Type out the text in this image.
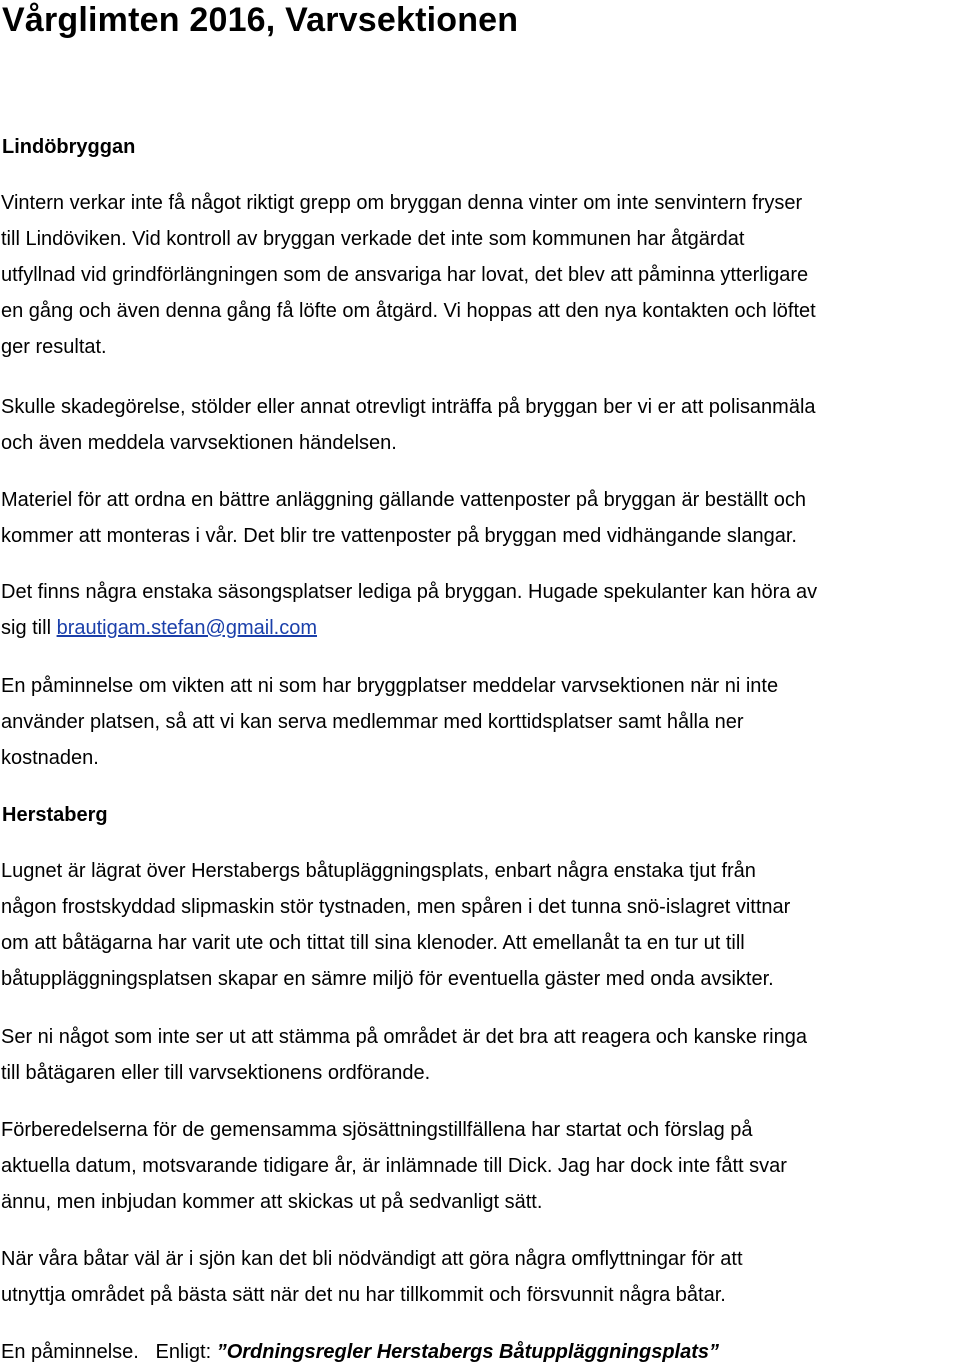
Vårglimten 2016, Varvsektionen
Lindöbryggan

Vintern verkar inte få något riktigt grepp om bryggan denna vinter om inte senvintern fryser
till Lindöviken. Vid kontroll av bryggan verkade det inte som kommunen har åtgärdat
utfyllnad vid grindförlängningen som de ansvariga har lovat, det blev att påminna ytterligare
en gång och även denna gång få löfte om åtgärd. Vi hoppas att den nya kontakten och löftet
ger resultat.

Skulle skadegörelse, stölder eller annat otrevligt inträffa på bryggan ber vi er att polisanmäla
och även meddela varvsektionen händelsen.

Materiel för att ordna en bättre anläggning gällande vattenposter på bryggan är beställt och
kommer att monteras i vår. Det blir tre vattenposter på bryggan med vidhängande slangar.

Det finns några enstaka säsongsplatser lediga på bryggan. Hugade spekulanter kan höra av
sig till brautigam.stefan@gmail.com

En påminnelse om vikten att ni som har bryggplatser meddelar varvsektionen när ni inte
använder platsen, så att vi kan serva medlemmar med korttidsplatser samt hålla ner
kostnaden.

Herstaberg

Lugnet är lägrat över Herstabergs båtupläggningsplats, enbart några enstaka tjut från
någon frostskyddad slipmaskin stör tystnaden, men spåren i det tunna snö-islagret vittnar
om att båtägarna har varit ute och tittat till sina klenoder. Att emellanåt ta en tur ut till
båtuppläggningsplatsen skapar en sämre miljö för eventuella gäster med onda avsikter.

Ser ni något som inte ser ut att stämma på området är det bra att reagera och kanske ringa
till båtägaren eller till varvsektionens ordförande.

Förberedelserna för de gemensamma sjösättningstillfällena har startat och förslag på
aktuella datum, motsvarande tidigare år, är inlämnade till Dick. Jag har dock inte fått svar
ännu, men inbjudan kommer att skickas ut på sedvanligt sätt.

När våra båtar väl är i sjön kan det bli nödvändigt att göra några omflyttningar för att
utnyttja området på bästa sätt när det nu har tillkommit och försvunnit några båtar.

En påminnelse. Enligt: ”Ordningsregler Herstabergs Båtuppläggningsplats”
